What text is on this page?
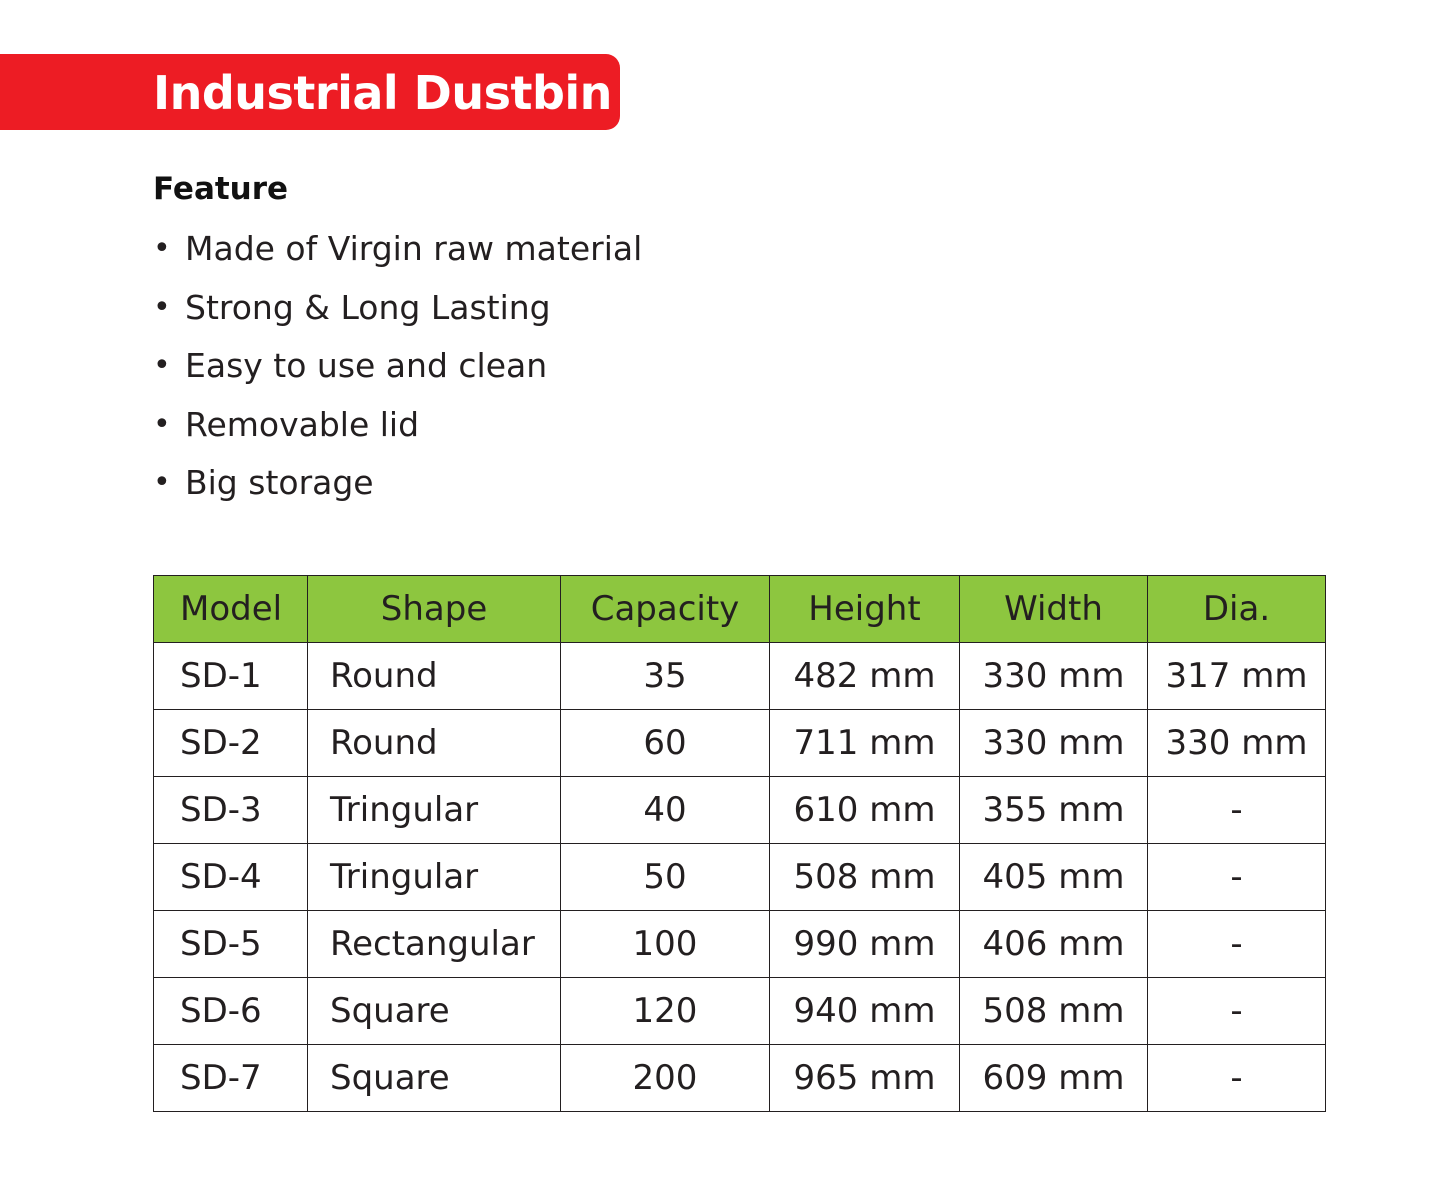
Industrial Dustbin
Feature
• Made of Virgin raw material
• Strong & Long Lasting
• Easy to use and clean
• Removable lid
• Big storage
Model	Shape	Capacity	Height	Width	Dia.
SD-1	Round	35	482 mm	330 mm	317 mm
SD-2	Round	60	711 mm	330 mm	330 mm
SD-3	Tringular	40	610 mm	355 mm	-
SD-4	Tringular	50	508 mm	405 mm	-
SD-5	Rectangular	100	990 mm	406 mm	-
SD-6	Square	120	940 mm	508 mm	-
SD-7	Square	200	965 mm	609 mm	-
